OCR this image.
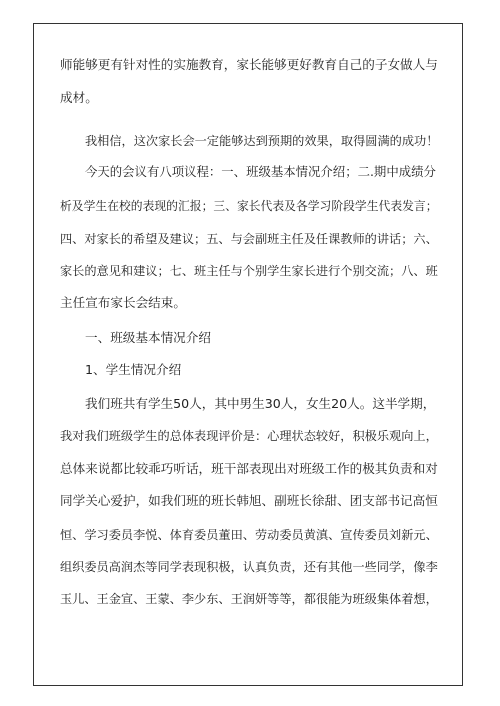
师能够更有针对性的实施教育，家长能够更好教育自己的子女做人与
成材。
我相信，这次家长会一定能够达到预期的效果，取得圆满的成功！
今天的会议有八项议程：一、班级基本情况介绍；二.期中成绩分
析及学生在校的表现的汇报；三、家长代表及各学习阶段学生代表发言；
四、对家长的希望及建议；五、与会副班主任及任课教师的讲话；六、
家长的意见和建议；七、班主任与个别学生家长进行个别交流；八、班
主任宣布家长会结束。
一、班级基本情况介绍
1、学生情况介绍
我们班共有学生50人，其中男生30人，女生20人。这半学期，
我对我们班级学生的总体表现评价是：心理状态较好，积极乐观向上，
总体来说都比较乖巧听话，班干部表现出对班级工作的极其负责和对
同学关心爱护，如我们班的班长韩旭、副班长徐甜、团支部书记高恒
恒、学习委员李悦、体育委员董田、劳动委员黄滇、宣传委员刘新元、
组织委员高润杰等同学表现积极，认真负责，还有其他一些同学，像李
玉儿、王金宣、王蒙、李少东、王润妍等等，都很能为班级集体着想，
